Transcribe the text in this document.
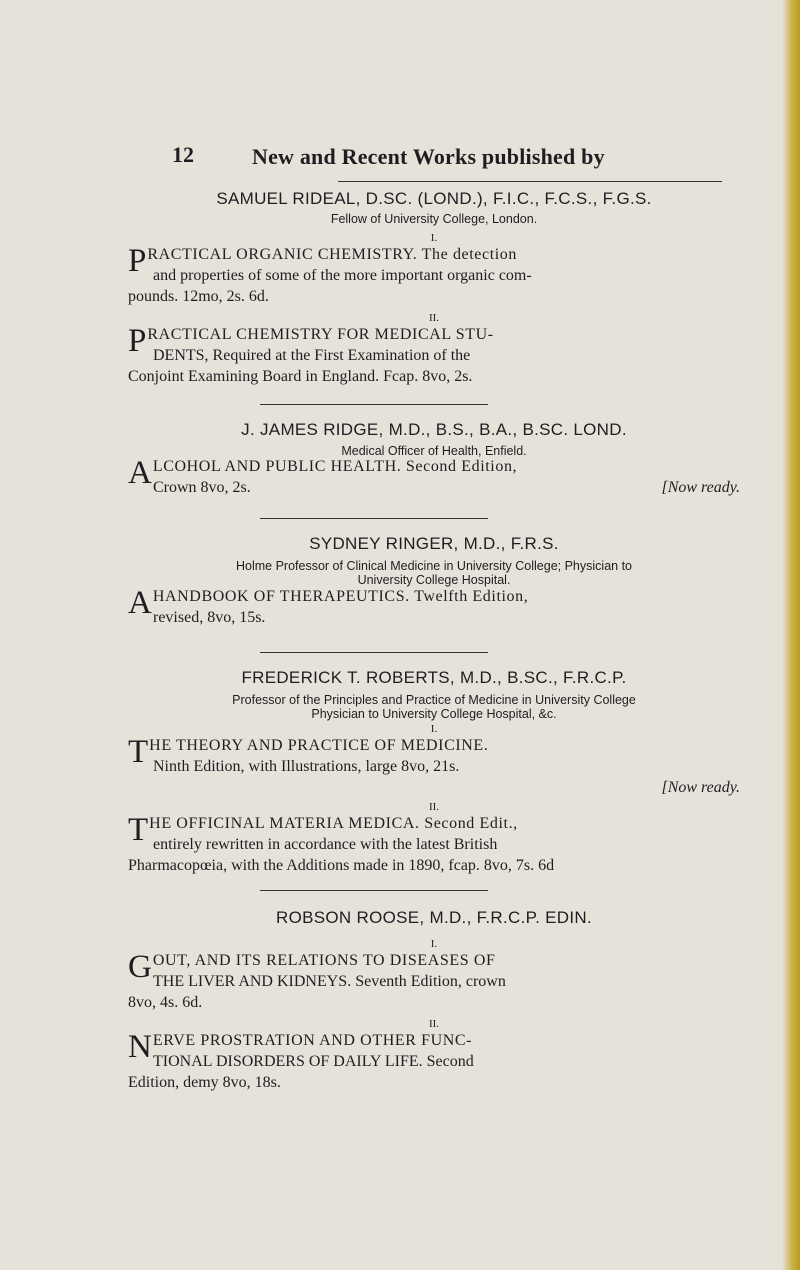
12	New and Recent Works published by
SAMUEL RIDEAL, D.SC. (LOND.), F.I.C., F.C.S., F.G.S.
Fellow of University College, London.
I.
P RACTICAL ORGANIC CHEMISTRY. The detection
and properties of some of the more important organic com-
pounds. 12mo, 2s. 6d.
II.
P RACTICAL CHEMISTRY FOR MEDICAL STU-
DENTS, Required at the First Examination of the
Conjoint Examining Board in England. Fcap. 8vo, 2s.
J. JAMES RIDGE, M.D., B.S., B.A., B.SC. LOND.
Medical Officer of Health, Enfield.
A LCOHOL AND PUBLIC HEALTH. Second Edition,
Crown 8vo, 2s.	[Now ready.
SYDNEY RINGER, M.D., F.R.S.
Holme Professor of Clinical Medicine in University College; Physician to
University College Hospital.
A HANDBOOK OF THERAPEUTICS. Twelfth Edition,
revised, 8vo, 15s.
FREDERICK T. ROBERTS, M.D., B.SC., F.R.C.P.
Professor of the Principles and Practice of Medicine in University College
Physician to University College Hospital, &c.
I.
T HE THEORY AND PRACTICE OF MEDICINE.
Ninth Edition, with Illustrations, large 8vo, 21s.
[Now ready.
II.
T HE OFFICINAL MATERIA MEDICA. Second Edit.,
entirely rewritten in accordance with the latest British
Pharmacopœia, with the Additions made in 1890, fcap. 8vo, 7s. 6d
ROBSON ROOSE, M.D., F.R.C.P. EDIN.
I.
G OUT, AND ITS RELATIONS TO DISEASES OF
THE LIVER AND KIDNEYS. Seventh Edition, crown
8vo, 4s. 6d.
II.
N ERVE PROSTRATION AND OTHER FUNC-
TIONAL DISORDERS OF DAILY LIFE. Second
Edition, demy 8vo, 18s.
